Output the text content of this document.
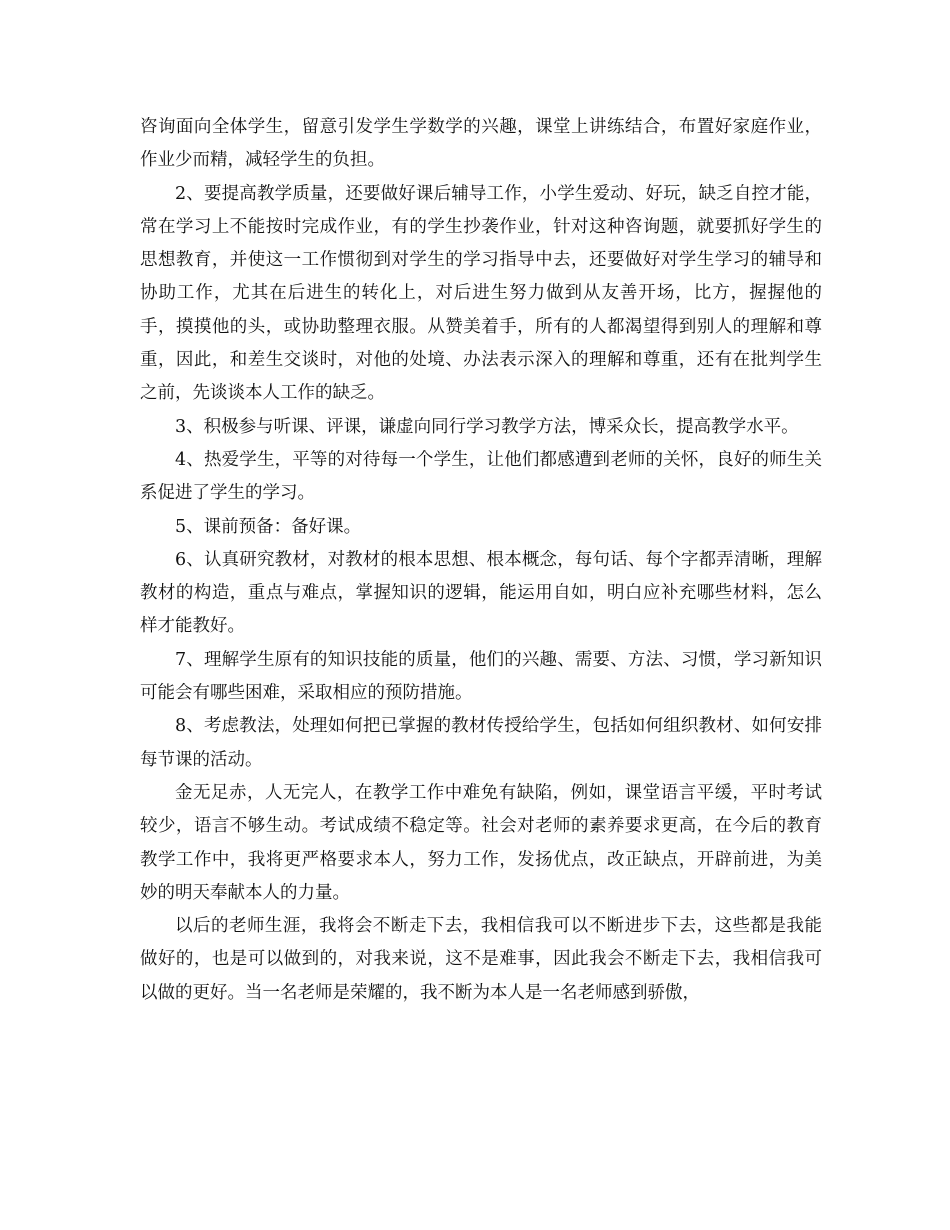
咨询面向全体学生，留意引发学生学数学的兴趣，课堂上讲练结合，布置好家庭作业，作业少而精，减轻学生的负担。

2、要提高教学质量，还要做好课后辅导工作，小学生爱动、好玩，缺乏自控才能，常在学习上不能按时完成作业，有的学生抄袭作业，针对这种咨询题，就要抓好学生的思想教育，并使这一工作惯彻到对学生的学习指导中去，还要做好对学生学习的辅导和协助工作，尤其在后进生的转化上，对后进生努力做到从友善开场，比方，握握他的手，摸摸他的头，或协助整理衣服。从赞美着手，所有的人都渴望得到别人的理解和尊重，因此，和差生交谈时，对他的处境、办法表示深入的理解和尊重，还有在批判学生之前，先谈谈本人工作的缺乏。

3、积极参与听课、评课，谦虚向同行学习教学方法，博采众长，提高教学水平。

4、热爱学生，平等的对待每一个学生，让他们都感遭到老师的关怀，良好的师生关系促进了学生的学习。

5、课前预备：备好课。

6、认真研究教材，对教材的根本思想、根本概念，每句话、每个字都弄清晰，理解教材的构造，重点与难点，掌握知识的逻辑，能运用自如，明白应补充哪些材料，怎么样才能教好。

7、理解学生原有的知识技能的质量，他们的兴趣、需要、方法、习惯，学习新知识可能会有哪些困难，采取相应的预防措施。

8、考虑教法，处理如何把已掌握的教材传授给学生，包括如何组织教材、如何安排每节课的活动。

金无足赤，人无完人，在教学工作中难免有缺陷，例如，课堂语言平缓，平时考试较少，语言不够生动。考试成绩不稳定等。社会对老师的素养要求更高，在今后的教育教学工作中，我将更严格要求本人，努力工作，发扬优点，改正缺点，开辟前进，为美妙的明天奉献本人的力量。

以后的老师生涯，我将会不断走下去，我相信我可以不断进步下去，这些都是我能做好的，也是可以做到的，对我来说，这不是难事，因此我会不断走下去，我相信我可以做的更好。当一名老师是荣耀的，我不断为本人是一名老师感到骄傲，
